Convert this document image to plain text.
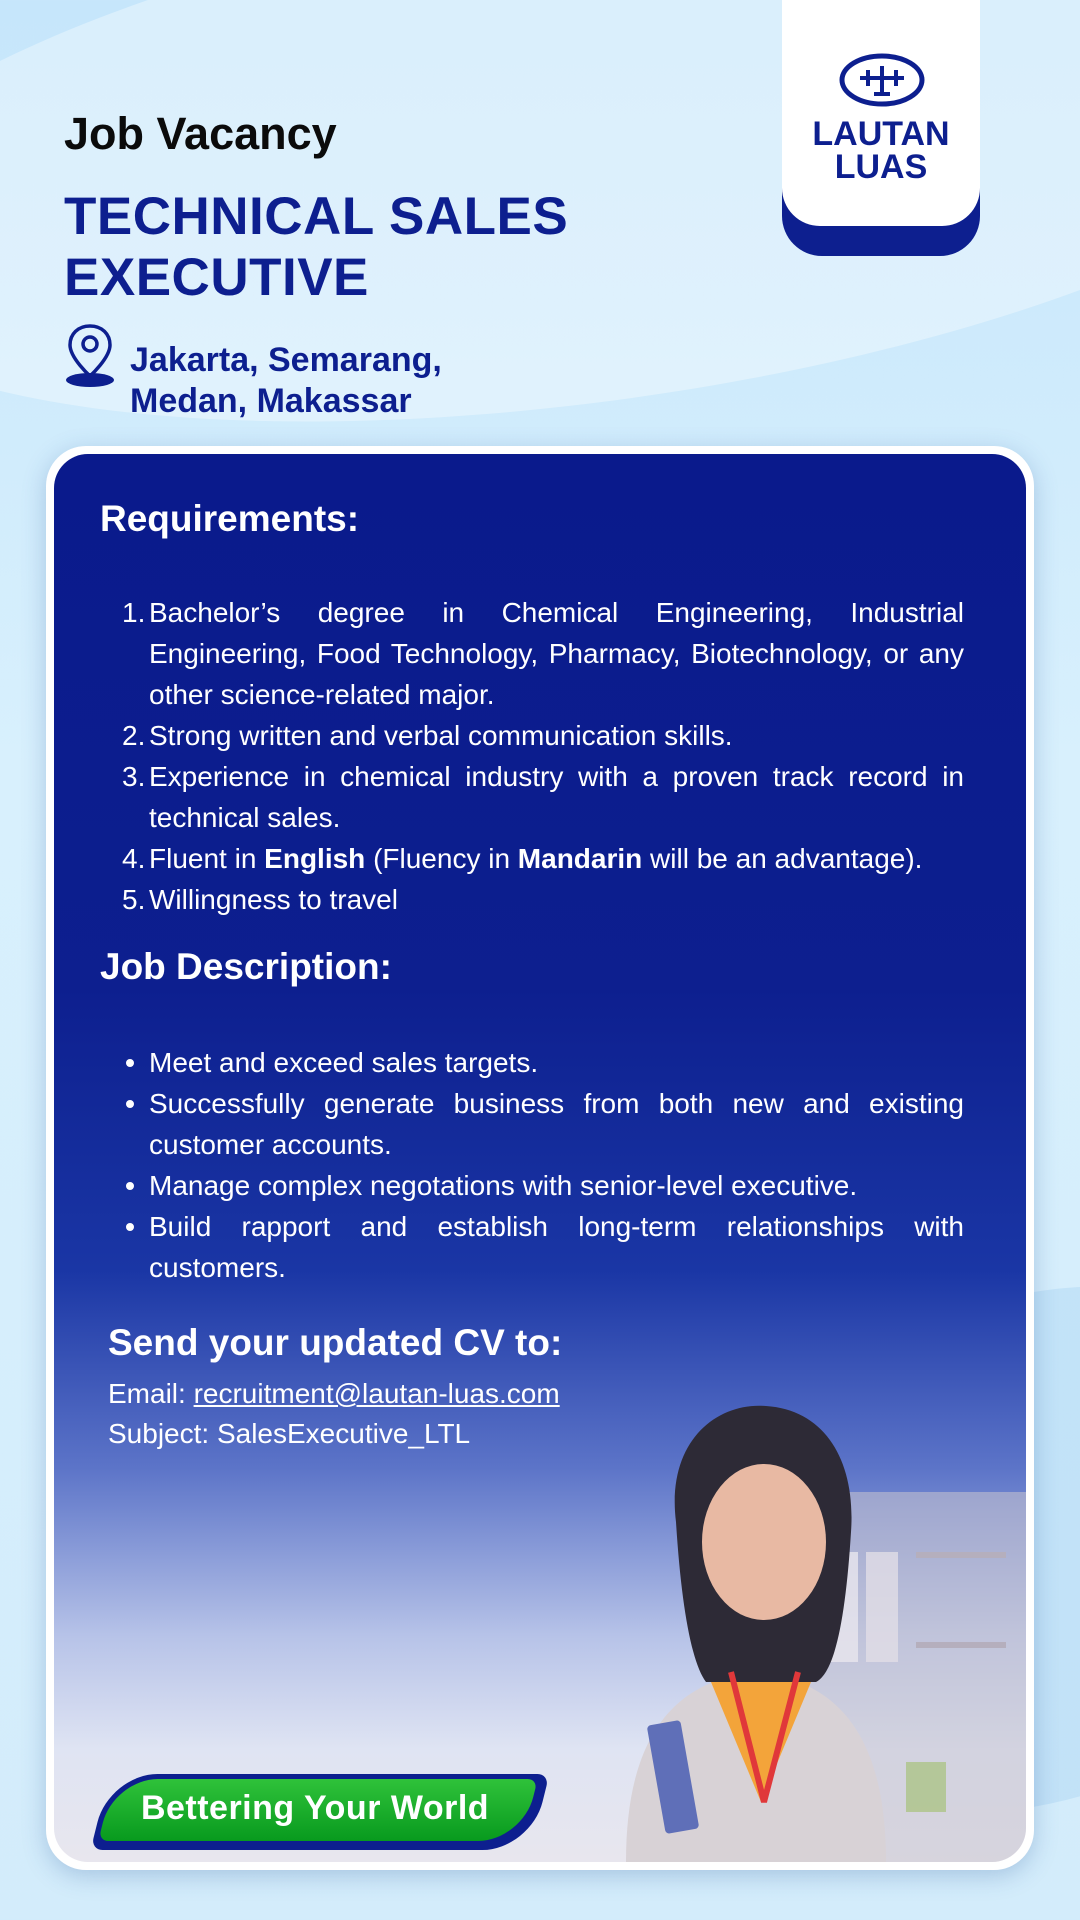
Job Vacancy
TECHNICAL SALES EXECUTIVE
Jakarta, Semarang,
Medan, Makassar
LAUTAN
LUAS
Requirements:
1. Bachelor’s degree in Chemical Engineering, Industrial Engineering, Food Technology, Pharmacy, Biotechnology, or any other science-related major.
2. Strong written and verbal communication skills.
3. Experience in chemical industry with a proven track record in technical sales.
4. Fluent in English (Fluency in Mandarin will be an advantage).
5. Willingness to travel
Job Description:
Meet and exceed sales targets.
Successfully generate business from both new and existing customer accounts.
Manage complex negotations with senior-level executive.
Build rapport and establish long-term relationships with customers.
Send your updated CV to:
Email: recruitment@lautan-luas.com
Subject: SalesExecutive_LTL
Bettering Your World
